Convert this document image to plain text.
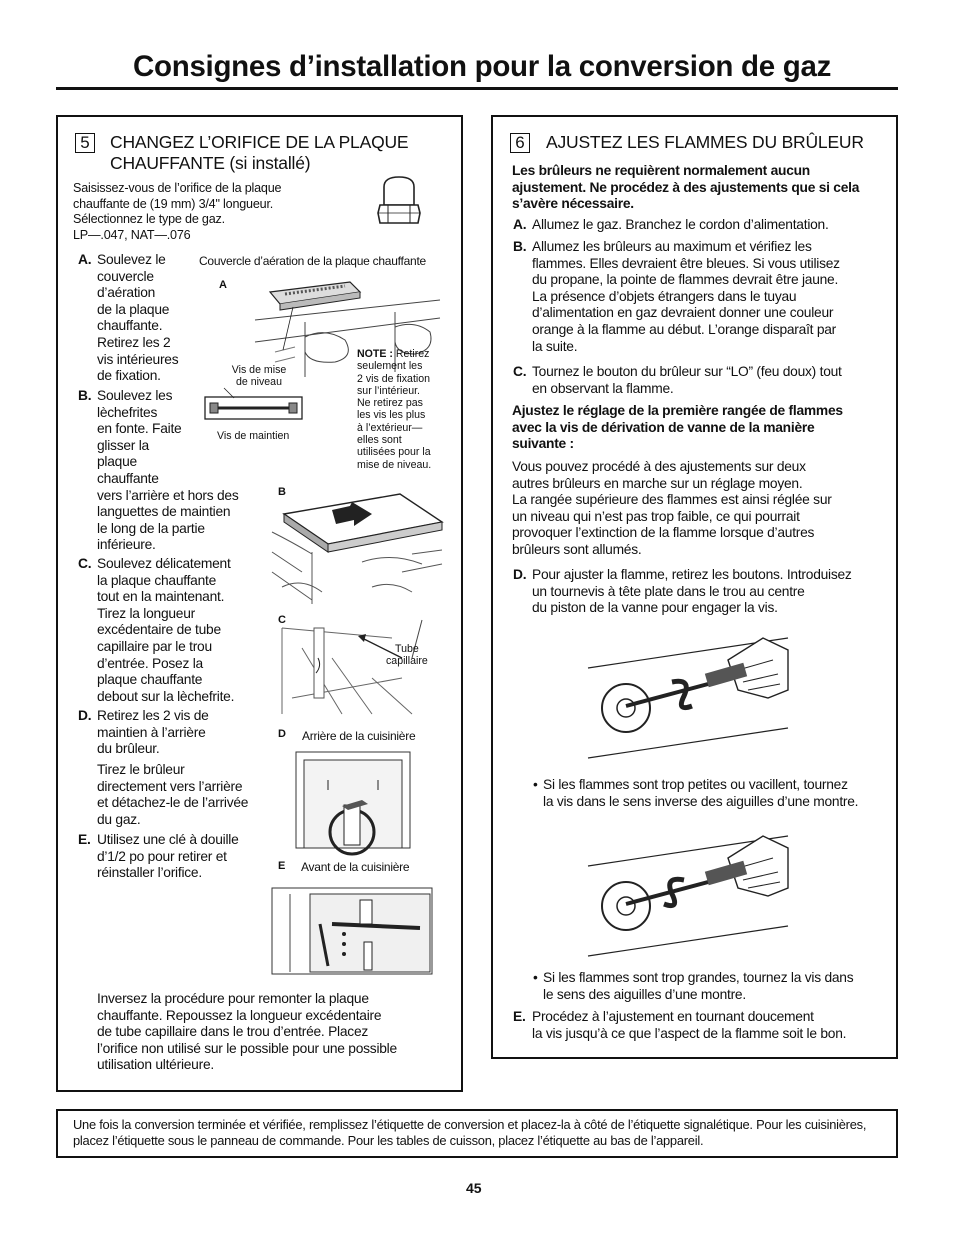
Consignes d’installation pour la conversion de gaz
5	CHANGEZ L’ORIFICE DE LA PLAQUE
CHAUFFANTE (si installé)
Saisissez-vous de l’orifice de la plaque
chauffante de (19 mm) 3/4" longueur.
Sélectionnez le type de gaz.
LP—.047, NAT—.076
A. Soulevez le
couvercle
d’aération
de la plaque
chauffante.
Retirez les 2
vis intérieures
de fixation.
B. Soulevez les
lèchefrites
en fonte. Faite
glisser la
plaque
chauffante
vers l’arrière et hors des
languettes de maintien
le long de la partie
inférieure.
C. Soulevez délicatement
la plaque chauffante
tout en la maintenant.
Tirez la longueur
excédentaire de tube
capillaire par le trou
d’entrée. Posez la
plaque chauffante
debout sur la lèchefrite.
D. Retirez les 2 vis de
maintien à l’arrière
du brûleur.
Tirez le brûleur
directement vers l’arrière
et détachez-le de l’arrivée
du gaz.
E. Utilisez une clé à douille
d’1/2 po pour retirer et
réinstaller l’orifice.
Inversez la procédure pour remonter la plaque
chauffante. Repoussez la longueur excédentaire
de tube capillaire dans le trou d’entrée. Placez
l’orifice non utilisé sur le possible pour une possible
utilisation ultérieure.
Couvercle d’aération de la plaque chauffante
A
Vis de mise
de niveau
Vis de maintien
NOTE : Retirez
seulement les
2 vis de fixation
sur l’intérieur.
Ne retirez pas
les vis les plus
à l’extérieur—
elles sont
utilisées pour la
mise de niveau.
B
C
Tube
capillaire
D Arrière de la cuisinière
E Avant de la cuisinière
6	AJUSTEZ LES FLAMMES DU BRÛLEUR
Les brûleurs ne requièrent normalement aucun
ajustement. Ne procédez à des ajustements que si cela
s’avère nécessaire.
A. Allumez le gaz. Branchez le cordon d’alimentation.
B. Allumez les brûleurs au maximum et vérifiez les
flammes. Elles devraient être bleues. Si vous utilisez
du propane, la pointe de flammes devrait être jaune.
La présence d’objets étrangers dans le tuyau
d’alimentation en gaz devraient donner une couleur
orange à la flamme au début. L’orange disparaît par
la suite.
C. Tournez le bouton du brûleur sur “LO” (feu doux) tout
en observant la flamme.
Ajustez le réglage de la première rangée de flammes
avec la vis de dérivation de vanne de la manière
suivante :
Vous pouvez procédé à des ajustements sur deux
autres brûleurs en marche sur un réglage moyen.
La rangée supérieure des flammes est ainsi réglée sur
un niveau qui n’est pas trop faible, ce qui pourrait
provoquer l’extinction de la flamme lorsque d’autres
brûleurs sont allumés.
D. Pour ajuster la flamme, retirez les boutons. Introduisez
un tournevis à tête plate dans le trou au centre
du piston de la vanne pour engager la vis.
• Si les flammes sont trop petites ou vacillent, tournez
la vis dans le sens inverse des aiguilles d’une montre.
• Si les flammes sont trop grandes, tournez la vis dans
le sens des aiguilles d’une montre.
E. Procédez à l’ajustement en tournant doucement
la vis jusqu’à ce que l’aspect de la flamme soit le bon.
Une fois la conversion terminée et vérifiée, remplissez l’étiquette de conversion et placez-la à côté de l’étiquette signalétique. Pour les cuisinières, placez l’étiquette sous le panneau de commande. Pour les tables de cuisson, placez l’étiquette au bas de l’appareil.
45
